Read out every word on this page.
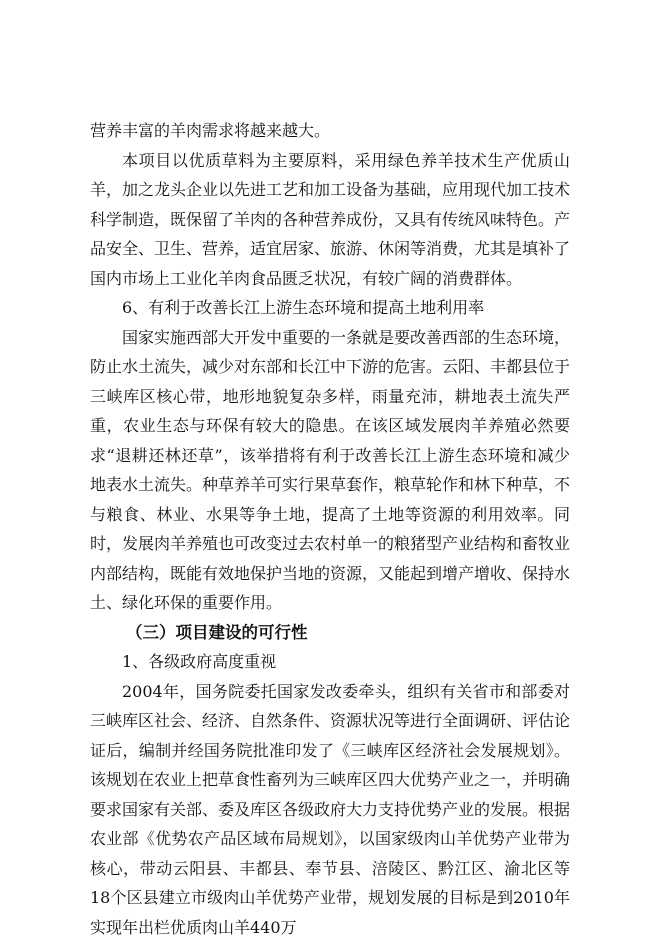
营养丰富的羊肉需求将越来越大。

本项目以优质草料为主要原料，采用绿色养羊技术生产优质山羊，加之龙头企业以先进工艺和加工设备为基础，应用现代加工技术科学制造，既保留了羊肉的各种营养成份，又具有传统风味特色。产品安全、卫生、营养，适宜居家、旅游、休闲等消费，尤其是填补了国内市场上工业化羊肉食品匮乏状况，有较广阔的消费群体。

6、有利于改善长江上游生态环境和提高土地利用率

国家实施西部大开发中重要的一条就是要改善西部的生态环境，防止水土流失，减少对东部和长江中下游的危害。云阳、丰都县位于三峡库区核心带，地形地貌复杂多样，雨量充沛，耕地表土流失严重，农业生态与环保有较大的隐患。在该区域发展肉羊养殖必然要求“退耕还林还草”，该举措将有利于改善长江上游生态环境和减少地表水土流失。种草养羊可实行果草套作，粮草轮作和林下种草，不与粮食、林业、水果等争土地，提高了土地等资源的利用效率。同时，发展肉羊养殖也可改变过去农村单一的粮猪型产业结构和畜牧业内部结构，既能有效地保护当地的资源，又能起到增产增收、保持水土、绿化环保的重要作用。

（三）项目建设的可行性

1、各级政府高度重视

2004年，国务院委托国家发改委牵头，组织有关省市和部委对三峡库区社会、经济、自然条件、资源状况等进行全面调研、评估论证后，编制并经国务院批准印发了《三峡库区经济社会发展规划》。该规划在农业上把草食性畜列为三峡库区四大优势产业之一，并明确要求国家有关部、委及库区各级政府大力支持优势产业的发展。根据农业部《优势农产品区域布局规划》，以国家级肉山羊优势产业带为核心，带动云阳县、丰都县、奉节县、涪陵区、黔江区、渝北区等18个区县建立市级肉山羊优势产业带，规划发展的目标是到2010年实现年出栏优质肉山羊440万
